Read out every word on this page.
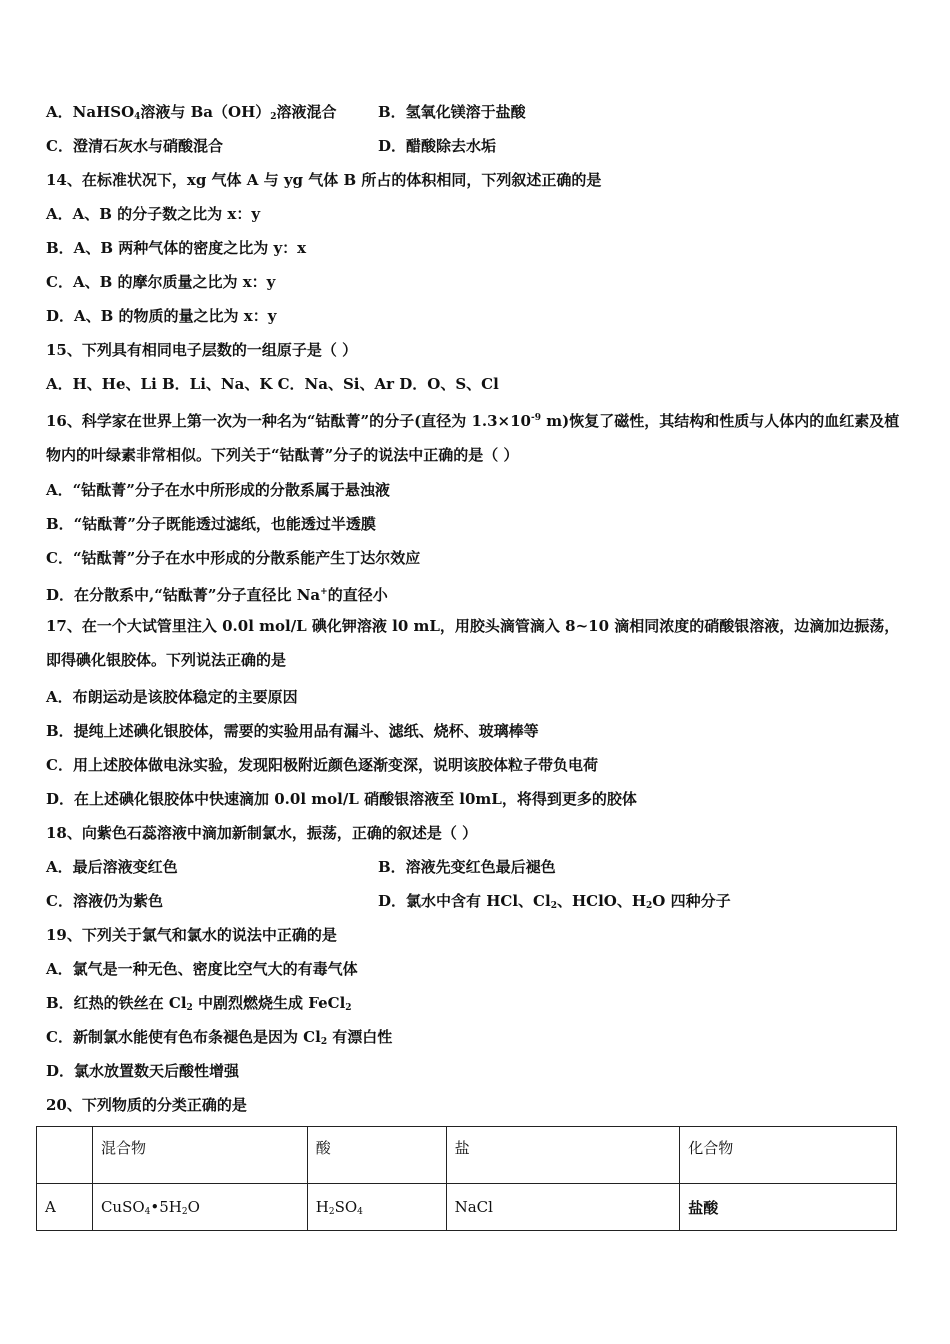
A．NaHSO$_4$溶液与 $Ba(OH)_2$溶液混合	B．氢氧化镁溶于盐酸
C．澄清石灰水与硝酸混合	D．醋酸除去水垢
14、在标准状况下，xg 气体 A 与 yg 气体 B 所占的体积相同，下列叙述正确的是
A．A、B 的分子数之比为 x：y
B．A、B 两种气体的密度之比为 y：x
C．A、B 的摩尔质量之比为 x：y
D．A、B 的物质的量之比为 x：y
15、下列具有相同电子层数的一组原子是（ ）
A．H、He、Li B．Li、Na、K C．Na、Si、Ar D．O、S、Cl
16、科学家在世界上第一次为一种名为“钴酞菁”的分子(直径为 $1.3\times 10^{-9}$ m)恢复了磁性，其结构和性质与人体内的血红素及植物内的叶绿素非常相似。下列关于“钴酞菁”分子的说法中正确的是（ ）
A．“钴酞菁”分子在水中所形成的分散系属于悬浊液
B．“钴酞菁”分子既能透过滤纸，也能透过半透膜
C．“钴酞菁”分子在水中形成的分散系能产生丁达尔效应
D．在分散系中,“钴酞菁”分子直径比 Na+的直径小
17、在一个大试管里注入 0.0l mol/L 碘化钾溶液 l0 mL，用胶头滴管滴入 8~10 滴相同浓度的硝酸银溶液，边滴加边振荡，即得碘化银胶体。下列说法正确的是
A．布朗运动是该胶体稳定的主要原因
B．提纯上述碘化银胶体，需要的实验用品有漏斗、滤纸、烧杯、玻璃棒等
C．用上述胶体做电泳实验，发现阳极附近颜色逐渐变深，说明该胶体粒子带负电荷
D．在上述碘化银胶体中快速滴加 0.0l mol/L 硝酸银溶液至 l0mL，将得到更多的胶体
18、向紫色石蕊溶液中滴加新制氯水，振荡，正确的叙述是（ ）
A．最后溶液变红色	B．溶液先变红色最后褪色
C．溶液仍为紫色	D．氯水中含有 HCl、$Cl_2$、HClO、$H_2O$ 四种分子
19、下列关于氯气和氯水的说法中正确的是
A．氯气是一种无色、密度比空气大的有毒气体
B．红热的铁丝在 $Cl_2$ 中剧烈燃烧生成 FeCl$_2$
C．新制氯水能使有色布条褪色是因为 $Cl_2$ 有漂白性
D．氯水放置数天后酸性增强
20、下列物质的分类正确的是
	混合物	酸	盐	化合物
A	$CuSO_4•5H_2O$	$H_2SO_4$	NaCl	盐酸
